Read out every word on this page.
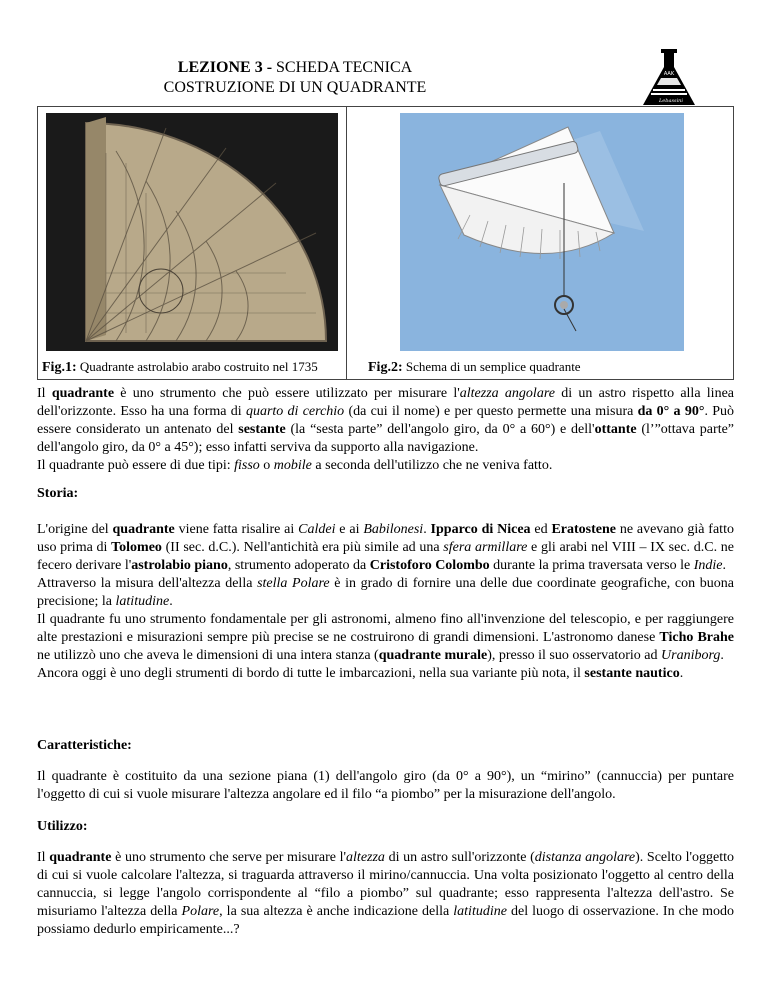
LEZIONE 3 - SCHEDA TECNICA
COSTRUZIONE DI UN QUADRANTE
AAK
Lebassini
Fig.1: Quadrante astrolabio arabo costruito nel 1735	Fig.2: Schema di un semplice quadrante

Il quadrante è uno strumento che può essere utilizzato per misurare l'altezza angolare di un astro rispetto alla linea dell'orizzonte. Esso ha una forma di quarto di cerchio (da cui il nome) e per questo permette una misura da 0° a 90°. Può essere considerato un antenato del sestante (la “sesta parte” dell'angolo giro, da 0° a 60°) e dell'ottante (l’”ottava parte” dell'angolo giro, da 0° a 45°); esso infatti serviva da supporto alla navigazione.

Il quadrante può essere di due tipi: fisso o mobile a seconda dell'utilizzo che ne veniva fatto.

Storia:

L'origine del quadrante viene fatta risalire ai Caldei e ai Babilonesi. Ipparco di Nicea ed Eratostene ne avevano già fatto uso prima di Tolomeo (II sec. d.C.). Nell'antichità era più simile ad una sfera armillare e gli arabi nel VIII – IX sec. d.C. ne fecero derivare l'astrolabio piano, strumento adoperato da Cristoforo Colombo durante la prima traversata verso le Indie.

Attraverso la misura dell'altezza della stella Polare è in grado di fornire una delle due coordinate geografiche, con buona precisione; la latitudine.

Il quadrante fu uno strumento fondamentale per gli astronomi, almeno fino all'invenzione del telescopio, e per raggiungere alte prestazioni e misurazioni sempre più precise se ne costruirono di grandi dimensioni. L'astronomo danese Ticho Brahe ne utilizzò uno che aveva le dimensioni di una intera stanza (quadrante murale), presso il suo osservatorio ad Uraniborg.

Ancora oggi è uno degli strumenti di bordo di tutte le imbarcazioni, nella sua variante più nota, il sestante nautico.

Caratteristiche:

Il quadrante è costituito da una sezione piana (1) dell'angolo giro (da 0° a 90°), un “mirino” (cannuccia) per puntare l'oggetto di cui si vuole misurare l'altezza angolare ed il filo “a piombo” per la misurazione dell'angolo.

Utilizzo:

Il quadrante è uno strumento che serve per misurare l'altezza di un astro sull'orizzonte (distanza angolare). Scelto l'oggetto di cui si vuole calcolare l'altezza, si traguarda attraverso il mirino/cannuccia. Una volta posizionato l'oggetto al centro della cannuccia, si legge l'angolo corrispondente al “filo a piombo” sul quadrante; esso rappresenta l'altezza dell'astro. Se misuriamo l'altezza della Polare, la sua altezza è anche indicazione della latitudine del luogo di osservazione. In che modo possiamo dedurlo empiricamente...?
